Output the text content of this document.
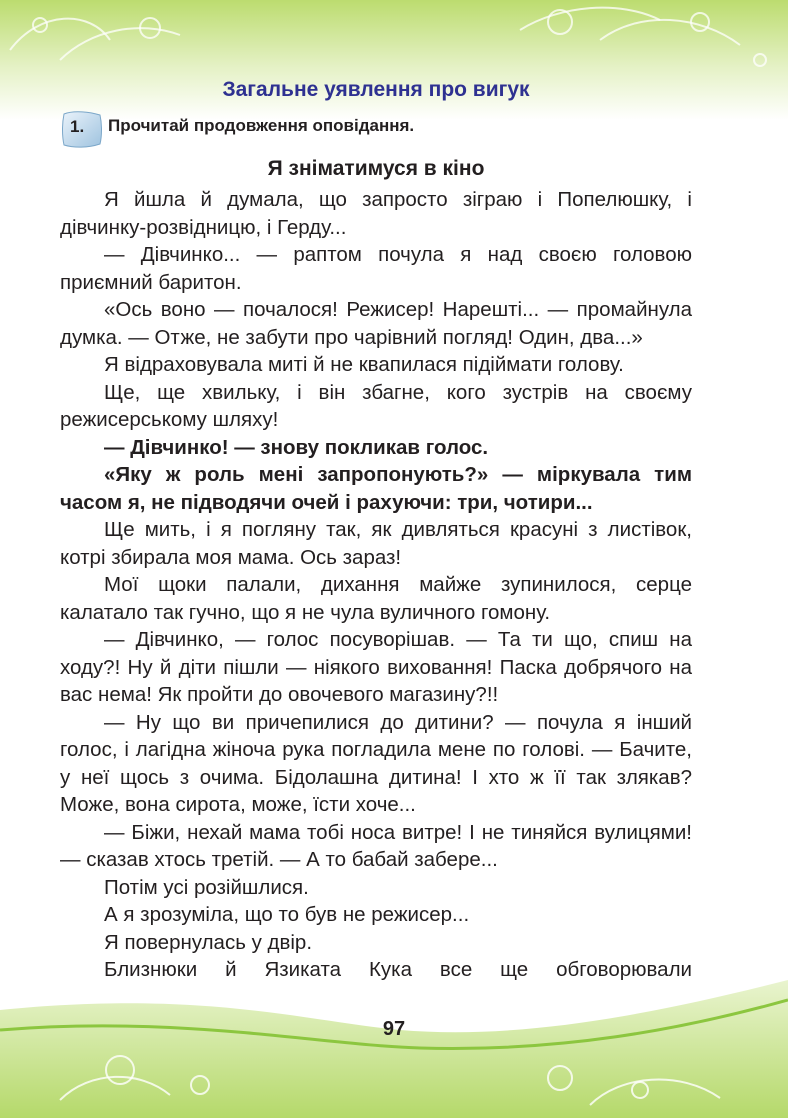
Загальне уявлення про вигук
1. Прочитай продовження оповідання.
Я зніматимуся в кіно

Я йшла й думала, що запросто зіграю і Попелюшку, і дівчинку-розвідницю, і Герду...

— Дівчинко... — раптом почула я над своєю головою приємний баритон.

«Ось воно — почалося! Режисер! Нарешті... — промайнула думка. — Отже, не забути про чарівний погляд! Один, два...»

Я відраховувала миті й не квапилася підіймати голову.

Ще, ще хвильку, і він збагне, кого зустрів на своєму режисерському шляху!

— Дівчинко! — знову покликав голос.

«Яку ж роль мені запропонують?» — міркувала тим часом я, не підводячи очей і рахуючи: три, чотири...

Ще мить, і я погляну так, як дивляться красуні з листівок, котрі збирала моя мама. Ось зараз!

Мої щоки палали, дихання майже зупинилося, серце калатало так гучно, що я не чула вуличного гомону.

— Дівчинко, — голос посуворішав. — Та ти що, спиш на ходу?! Ну й діти пішли — ніякого виховання! Паска добрячого на вас нема! Як пройти до овочевого магазину?!!

— Ну що ви причепилися до дитини? — почула я інший голос, і лагідна жіноча рука погладила мене по голові. — Бачите, у неї щось з очима. Бідолашна дитина! І хто ж її так злякав? Може, вона сирота, може, їсти хоче...

— Біжи, нехай мама тобі носа витре! І не тиняйся вулицями! — сказав хтось третій. — А то бабай забере...

Потім усі розійшлися.

А я зрозуміла, що то був не режисер...

Я повернулась у двір.

Близнюки й Язиката Кука все ще обговорювали

97
